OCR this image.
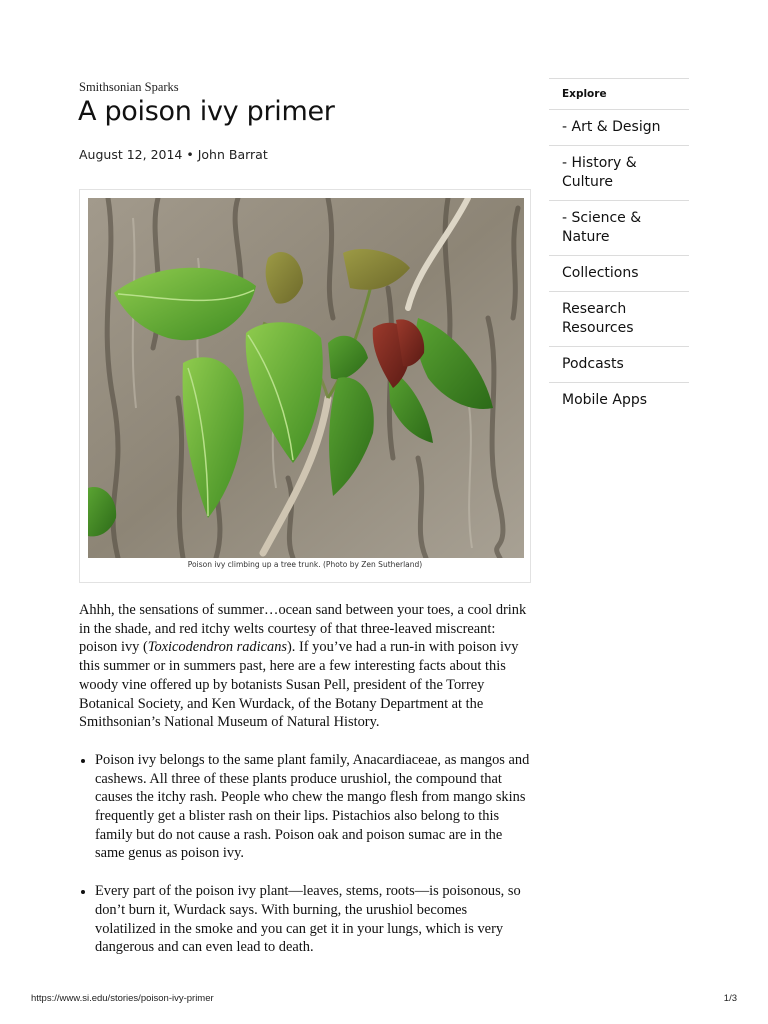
Smithsonian Sparks
A poison ivy primer
August 12, 2014 • John Barrat
Poison ivy climbing up a tree trunk. (Photo by Zen Sutherland)

Ahhh, the sensations of summer…ocean sand between your toes, a cool drink in the shade, and red itchy welts courtesy of that three-leaved miscreant: poison ivy (Toxicodendron radicans). If you’ve had a run-in with poison ivy this summer or in summers past, here are a few interesting facts about this woody vine offered up by botanists Susan Pell, president of the Torrey Botanical Society, and Ken Wurdack, of the Botany Department at the Smithsonian’s National Museum of Natural History.

• Poison ivy belongs to the same plant family, Anacardiaceae, as mangos and cashews. All three of these plants produce urushiol, the compound that causes the itchy rash. People who chew the mango flesh from mango skins frequently get a blister rash on their lips. Pistachios also belong to this family but do not cause a rash. Poison oak and poison sumac are in the same genus as poison ivy.
• Every part of the poison ivy plant—leaves, stems, roots—is poisonous, so don’t burn it, Wurdack says. With burning, the urushiol becomes volatilized in the smoke and you can get it in your lungs, which is very dangerous and can even lead to death.
Explore
- Art & Design
- History & Culture
- Science & Nature
Collections
Research Resources
Podcasts
Mobile Apps
https://www.si.edu/stories/poison-ivy-primer	1/3
